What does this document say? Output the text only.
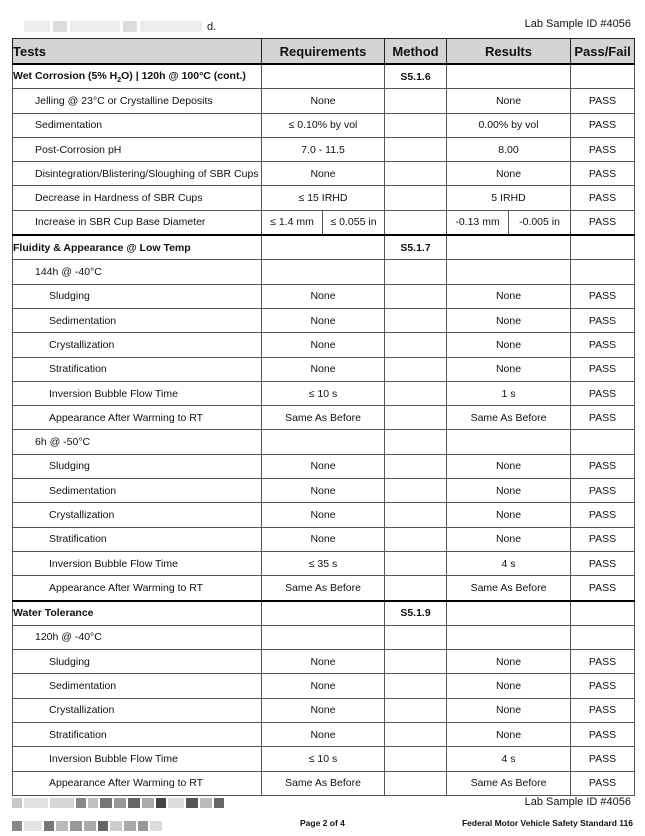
d.	Lab Sample ID #4056
Tests	Requirements		Method	Results		Pass/Fail
Wet Corrosion (5% $H_2O$) | 120h @ 100°C (cont.)			S5.1.6			
Jelling @ 23°C or Crystalline Deposits	None			None		PASS
Sedimentation	≤ 0.10% by vol			0.00% by vol		PASS
Post-Corrosion pH	7.0 - 11.5			8.00		PASS
Disintegration/Blistering/Sloughing of SBR Cups	None			None		PASS
Decrease in Hardness of SBR Cups	≤ 15 IRHD			5 IRHD		PASS
Increase in SBR Cup Base Diameter	≤ 1.4 mm	≤ 0.055 in		-0.13 mm	-0.005 in	PASS
Fluidity & Appearance @ Low Temp			S5.1.7			
144h @ -40°C						
Sludging	None			None		PASS
Sedimentation	None			None		PASS
Crystallization	None			None		PASS
Stratification	None			None		PASS
Inversion Bubble Flow Time	≤ 10 s			1 s		PASS
Appearance After Warming to RT	Same As Before			Same As Before		PASS
6h @ -50°C						
Sludging	None			None		PASS
Sedimentation	None			None		PASS
Crystallization	None			None		PASS
Stratification	None			None		PASS
Inversion Bubble Flow Time	≤ 35 s			4 s		PASS
Appearance After Warming to RT	Same As Before			Same As Before		PASS
Water Tolerance			S5.1.9			
120h @ -40°C						
Sludging	None			None		PASS
Sedimentation	None			None		PASS
Crystallization	None			None		PASS
Stratification	None			None		PASS
Inversion Bubble Flow Time	≤ 10 s			4 s		PASS
Appearance After Warming to RT	Same As Before			Same As Before		PASS
Lab Sample ID #4056
Page 2 of 4	Federal Motor Vehicle Safety Standard 116
